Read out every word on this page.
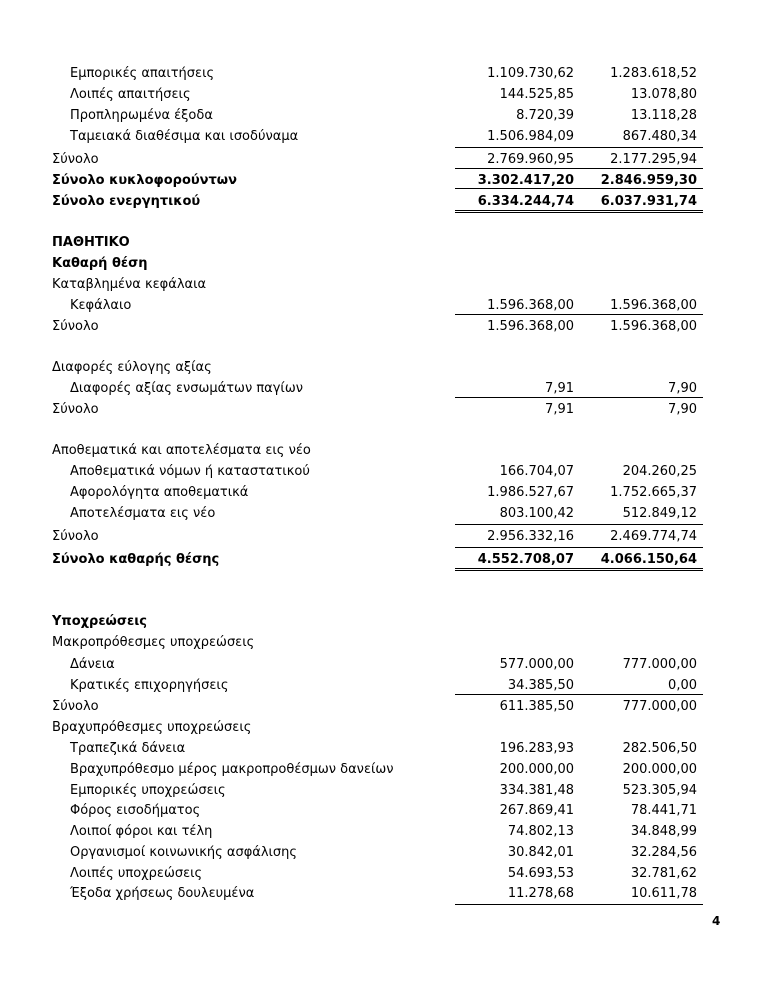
Εμπορικές απαιτήσεις	1.109.730,62	1.283.618,52
Λοιπές απαιτήσεις	144.525,85	13.078,80
Προπληρωμένα έξοδα	8.720,39	13.118,28
Ταμειακά διαθέσιμα και ισοδύναμα	1.506.984,09	867.480,34
Σύνολο	2.769.960,95	2.177.295,94
Σύνολο κυκλοφορούντων	3.302.417,20 2.846.959,30
Σύνολο ενεργητικού	6.334.244,74 6.037.931,74
ΠΑΘΗΤΙΚΟ
Καθαρή θέση
Καταβλημένα κεφάλαια
Κεφάλαιο	1.596.368,00	1.596.368,00
Σύνολο	1.596.368,00	1.596.368,00
Διαφορές εύλογης αξίας
Διαφορές αξίας ενσωμάτων παγίων	7,91	7,90
Σύνολο	7,91	7,90
Αποθεματικά και αποτελέσματα εις νέο
Αποθεματικά νόμων ή καταστατικού	166.704,07	204.260,25
Αφορολόγητα αποθεματικά	1.986.527,67	1.752.665,37
Αποτελέσματα εις νέο	803.100,42	512.849,12
Σύνολο	2.956.332,16	2.469.774,74
Σύνολο καθαρής θέσης	4.552.708,07 4.066.150,64
Υποχρεώσεις
Μακροπρόθεσμες υποχρεώσεις
Δάνεια	577.000,00	777.000,00
Κρατικές επιχορηγήσεις	34.385,50	0,00
Σύνολο	611.385,50	777.000,00
Βραχυπρόθεσμες υποχρεώσεις
Τραπεζικά δάνεια	196.283,93	282.506,50
Βραχυπρόθεσμο μέρος μακροπροθέσμων δανείων	200.000,00	200.000,00
Εμπορικές υποχρεώσεις	334.381,48	523.305,94
Φόρος εισοδήματος	267.869,41	78.441,71
Λοιποί φόροι και τέλη	74.802,13	34.848,99
Οργανισμοί κοινωνικής ασφάλισης	30.842,01	32.284,56
Λοιπές υποχρεώσεις	54.693,53	32.781,62
Έξοδα χρήσεως δουλευμένα	11.278,68	10.611,78
4
